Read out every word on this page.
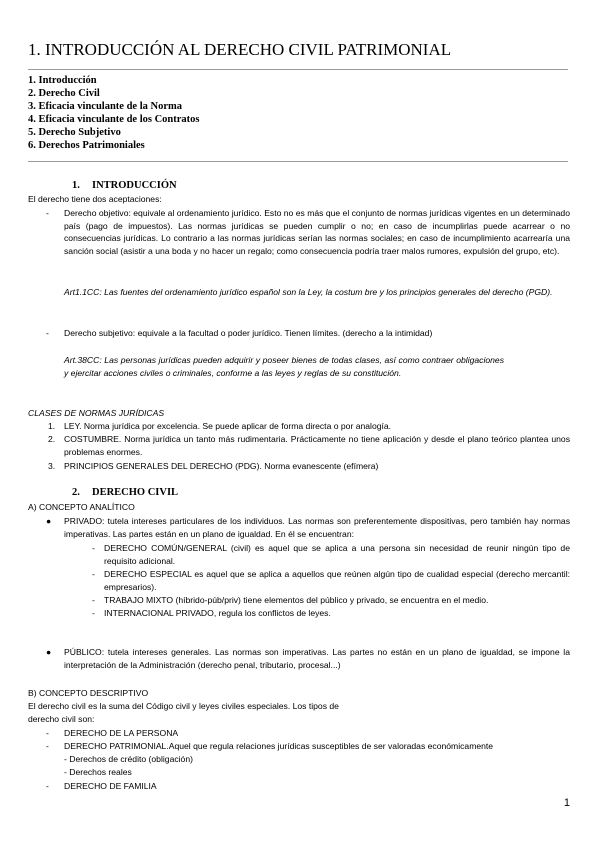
1. INTRODUCCIÓN AL DERECHO CIVIL PATRIMONIAL
1. Introducción
2. Derecho Civil
3. Eficacia vinculante de la Norma
4. Eficacia vinculante de los Contratos
5. Derecho Subjetivo
6. Derechos Patrimoniales
1. INTRODUCCIÓN
El derecho tiene dos aceptaciones:
- Derecho objetivo: equivale al ordenamiento jurídico. Esto no es más que el conjunto de normas jurídicas vigentes en un determinado país (pago de impuestos). Las normas jurídicas se pueden cumplir o no; en caso de incumplirlas puede acarrear o no consecuencias jurídicas. Lo contrario a las normas jurídicas serían las normas sociales; en caso de incumplimiento acarrearía una sanción social (asistir a una boda y no hacer un regalo; como consecuencia podría traer malos rumores, expulsión del grupo, etc).
Art1.1CC: Las fuentes del ordenamiento jurídico español son la Ley, la costum bre y los principios generales del derecho (PGD).
- Derecho subjetivo: equivale a la facultad o poder jurídico. Tienen límites. (derecho a la intimidad)
Art.38CC: Las personas jurídicas pueden adquirir y poseer bienes de todas clases, así como contraer obligaciones y ejercitar acciones civiles o criminales, conforme a las leyes y reglas de su constitución.
CLASES DE NORMAS JURÍDICAS
1. LEY. Norma jurídica por excelencia. Se puede aplicar de forma directa o por analogía.
2. COSTUMBRE. Norma jurídica un tanto más rudimentaria. Prácticamente no tiene aplicación y desde el plano teórico plantea unos problemas enormes.
3. PRINCIPIOS GENERALES DEL DERECHO (PDG). Norma evanescente (efímera)
2. DERECHO CIVIL
A) CONCEPTO ANALÍTICO
● PRIVADO: tutela intereses particulares de los individuos. Las normas son preferentemente dispositivas, pero también hay normas imperativas. Las partes están en un plano de igualdad. En él se encuentran:
- DERECHO COMÚN/GENERAL (civil) es aquel que se aplica a una persona sin necesidad de reunir ningún tipo de requisito adicional.
- DERECHO ESPECIAL es aquel que se aplica a aquellos que reúnen algún tipo de cualidad especial (derecho mercantil: empresarios).
- TRABAJO MIXTO (híbrido-púb/priv) tiene elementos del público y privado, se encuentra en el medio.
- INTERNACIONAL PRIVADO, regula los conflictos de leyes.
● PÚBLICO: tutela intereses generales. Las normas son imperativas. Las partes no están en un plano de igualdad, se impone la interpretación de la Administración (derecho penal, tributario, procesal...)
B) CONCEPTO DESCRIPTIVO
El derecho civil es la suma del Código civil y leyes civiles especiales. Los tipos de
derecho civil son:
- DERECHO DE LA PERSONA
- DERECHO PATRIMONIAL.Aquel que regula relaciones jurídicas susceptibles de ser valoradas económicamente
- Derechos de crédito (obligación)
- Derechos reales
- DERECHO DE FAMILIA
1
